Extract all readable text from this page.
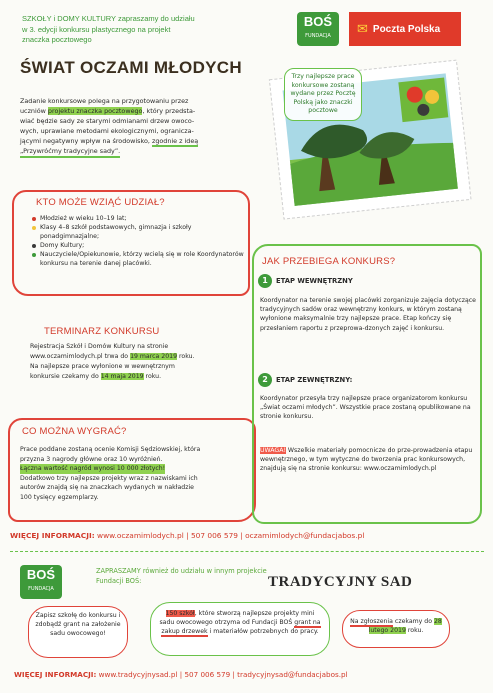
SZKOŁY i DOMY KULTURY zapraszamy do udziału
w 3. edycji konkursu plastycznego na projekt
znaczka pocztowego
ŚWIAT OCZAMI MŁODYCH
BOŚ
FUNDACJA	✉ Poczta Polska
Trzy najlepsze prace konkursowe zostaną wydane przez Pocztę Polską jako znaczki pocztowe
Zadanie konkursowe polega na przygotowaniu przez
uczniów projektu znaczka pocztowego, który przedsta-
wiać będzie sady ze starymi odmianami drzew owoco-
wych, uprawiane metodami ekologicznymi, ogranicza-
jącymi negatywny wpływ na środowisko, zgodnie z ideą
„Przywróćmy tradycyjne sady”.
KTO MOŻE WZIĄĆ UDZIAŁ?
Młodzież w wieku 10–19 lat;
Klasy 4–8 szkół podstawowych, gimnazja i szkoły ponadgimnazjalne;
Domy Kultury;
Nauczyciele/Opiekunowie, którzy wcielą się w role Koordynatorów konkursu na terenie danej placówki.
TERMINARZ KONKURSU
Rejestracja Szkół i Domów Kultury na stronie
www.oczamimlodych.pl trwa do 19 marca 2019 roku.
Na najlepsze prace wyłonione w wewnętrznym
konkursie czekamy do 14 maja 2019 roku.
CO MOŻNA WYGRAĆ?
Prace poddane zostaną ocenie Komisji Sędziowskiej, która
przyzna 3 nagrody główne oraz 10 wyróżnień.
Łączna wartość nagród wynosi 10 000 złotych!
Dodatkowo trzy najlepsze projekty wraz z nazwiskami ich
autorów znajdą się na znaczkach wydanych w nakładzie
100 tysięcy egzemplarzy.
JAK PRZEBIEGA KONKURS?
1	ETAP WEWNĘTRZNY
Koordynator na terenie swojej placówki zorganizuje zajęcia dotyczące tradycyjnych sadów oraz wewnętrzny konkurs, w którym zostaną wyłonione maksymalnie trzy najlepsze prace. Etap kończy się przesłaniem raportu z przeprowa-dzonych zajęć i konkursu.
2	ETAP ZEWNĘTRZNY:
Koordynator przesyła trzy najlepsze prace organizatorom konkursu „Świat oczami młodych”. Wszystkie prace zostaną opublikowane na stronie konkursu.
UWAGA! Wszelkie materiały pomocnicze do prze-prowadzenia etapu wewnętrznego, w tym wytyczne do tworzenia prac konkursowych, znajdują się na stronie konkursu: www.oczamimlodych.pl
WIĘCEJ INFORMACJI: www.oczamimlodych.pl | 507 006 579 | oczamimlodych@fundacjabos.pl
BOŚ
FUNDACJA
ZAPRASZAMY również do udziału w innym projekcie Fundacji BOŚ:	TRADYCYJNY SAD
Zapisz szkołę do konkursu i zdobądź grant na założenie sadu owocowego!
150 szkół, które stworzą najlepsze projekty mini sadu owocowego otrzyma od Fundacji BOŚ grant na zakup drzewek i materiałów potrzebnych do pracy.
Na zgłoszenia czekamy do 28 lutego 2019 roku.
WIĘCEJ INFORMACJI: www.tradycyjnysad.pl | 507 006 579 | tradycyjnysad@fundacjabos.pl
